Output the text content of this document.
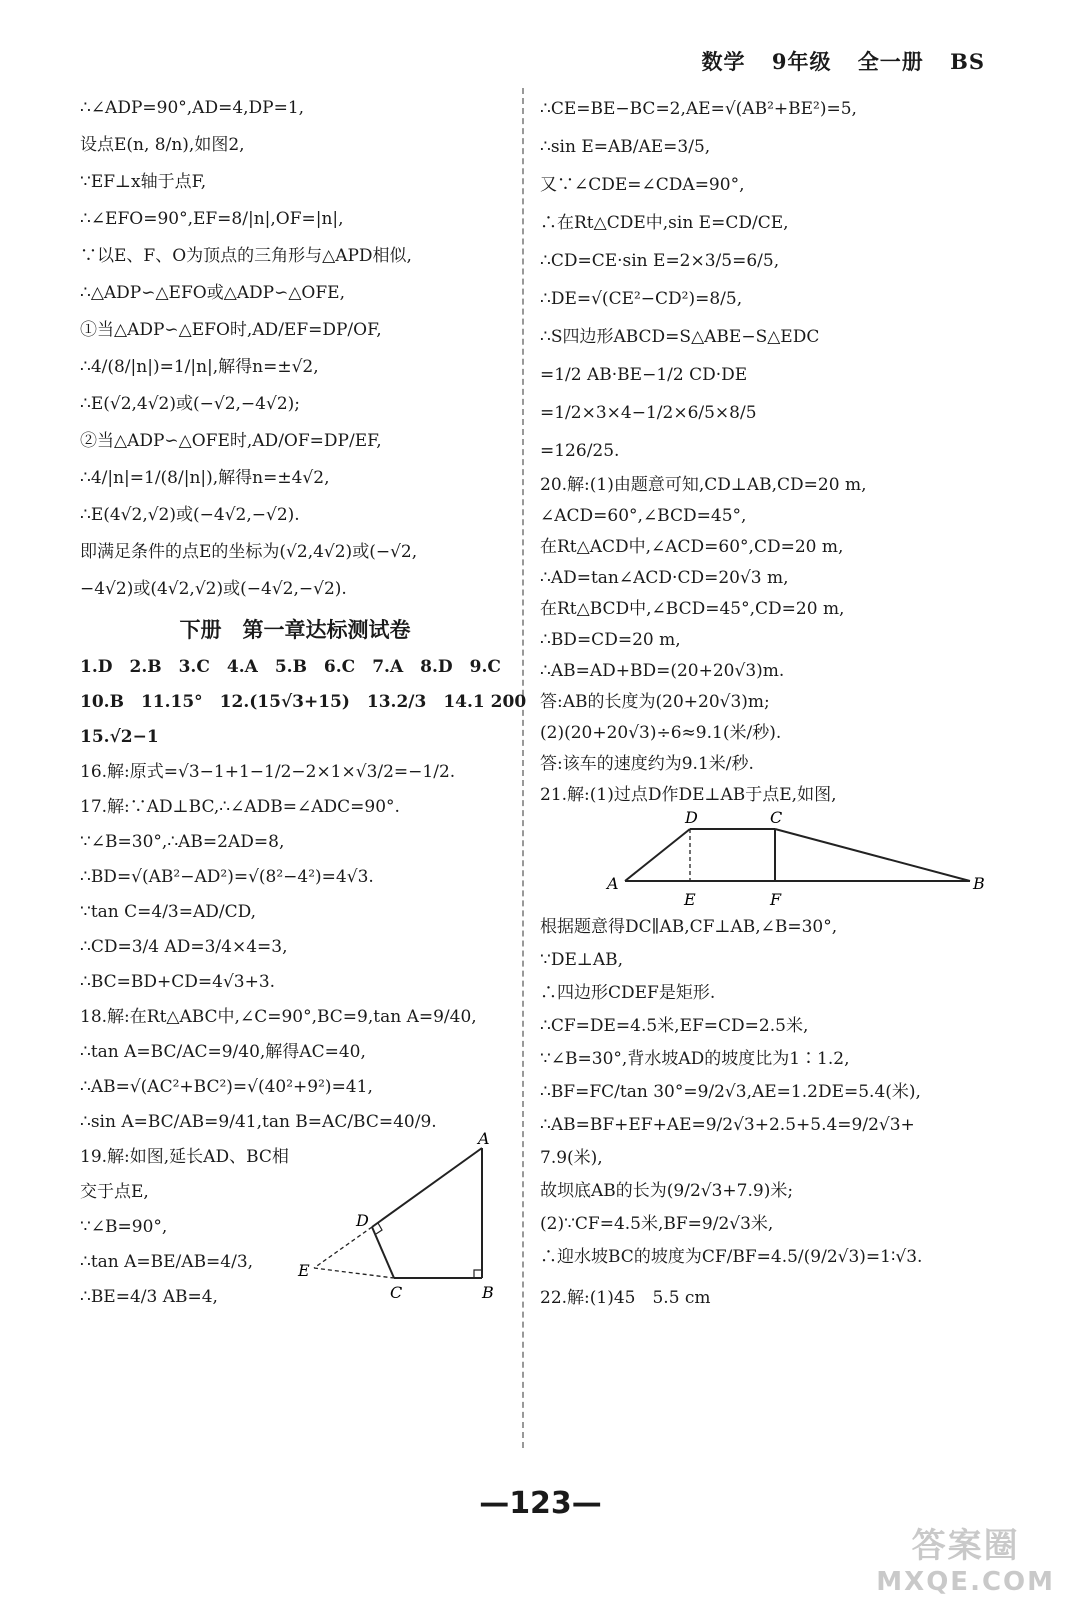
数学 9年级 全一册 BS

∴∠ADP=90°,AD=4,DP=1,

设点E(n, 8/n),如图2,

∵EF⊥x轴于点F,

∴∠EFO=90°,EF=8/|n|,OF=|n|,

∵以E、F、O为顶点的三角形与△APD相似,

∴△ADP∽△EFO或△ADP∽△OFE,

①当△ADP∽△EFO时,AD/EF=DP/OF,

∴4/(8/|n|)=1/|n|,解得n=±√2,

∴E(√2,4√2)或(−√2,−4√2);

②当△ADP∽△OFE时,AD/OF=DP/EF,

∴4/|n|=1/(8/|n|),解得n=±4√2,

∴E(4√2,√2)或(−4√2,−√2).

即满足条件的点E的坐标为(√2,4√2)或(−√2,

−4√2)或(4√2,√2)或(−4√2,−√2).

下册　第一章达标测试卷

1.D　2.B　3.C　4.A　5.B　6.C　7.A　8.D　9.C

10.B　11.15°　12.(15√3+15)　13.2/3　14.1 200

15.√2−1

16.解:原式=√3−1+1−1/2−2×1×√3/2=−1/2.

17.解:∵AD⊥BC,∴∠ADB=∠ADC=90°.

∵∠B=30°,∴AB=2AD=8,

∴BD=√(AB²−AD²)=√(8²−4²)=4√3.

∵tan C=4/3=AD/CD,

∴CD=3/4 AD=3/4×4=3,

∴BC=BD+CD=4√3+3.

18.解:在Rt△ABC中,∠C=90°,BC=9,tan A=9/40,

∴tan A=BC/AC=9/40,解得AC=40,

∴AB=√(AC²+BC²)=√(40²+9²)=41,

∴sin A=BC/AB=9/41,tan B=AC/BC=40/9.

19.解:如图,延长AD、BC相

交于点E,

∵∠B=90°,

∴tan A=BE/AB=4/3,

∴BE=4/3 AB=4,

A
B
C
D
E

∴CE=BE−BC=2,AE=√(AB²+BE²)=5,

∴sin E=AB/AE=3/5,

又∵∠CDE=∠CDA=90°,

∴在Rt△CDE中,sin E=CD/CE,

∴CD=CE·sin E=2×3/5=6/5,

∴DE=√(CE²−CD²)=8/5,

∴S四边形ABCD=S△ABE−S△EDC

=1/2 AB·BE−1/2 CD·DE

=1/2×3×4−1/2×6/5×8/5

=126/25.

20.解:(1)由题意可知,CD⊥AB,CD=20 m,

∠ACD=60°,∠BCD=45°,

在Rt△ACD中,∠ACD=60°,CD=20 m,

∴AD=tan∠ACD·CD=20√3 m,

在Rt△BCD中,∠BCD=45°,CD=20 m,

∴BD=CD=20 m,

∴AB=AD+BD=(20+20√3)m.

答:AB的长度为(20+20√3)m;

(2)(20+20√3)÷6≈9.1(米/秒).

答:该车的速度约为9.1米/秒.

21.解:(1)过点D作DE⊥AB于点E,如图,

A	B
C
D
E	F

根据题意得DC∥AB,CF⊥AB,∠B=30°,

∵DE⊥AB,

∴四边形CDEF是矩形.

∴CF=DE=4.5米,EF=CD=2.5米,

∵∠B=30°,背水坡AD的坡度比为1∶1.2,

∴BF=FC/tan 30°=9/2√3,AE=1.2DE=5.4(米),

∴AB=BF+EF+AE=9/2√3+2.5+5.4=9/2√3+

7.9(米),

故坝底AB的长为(9/2√3+7.9)米;

(2)∵CF=4.5米,BF=9/2√3米,

∴迎水坡BC的坡度为CF/BF=4.5/(9/2√3)=1∶√3.

22.解:(1)45　5.5 cm

—123—
答案圈
MXQE.COM
